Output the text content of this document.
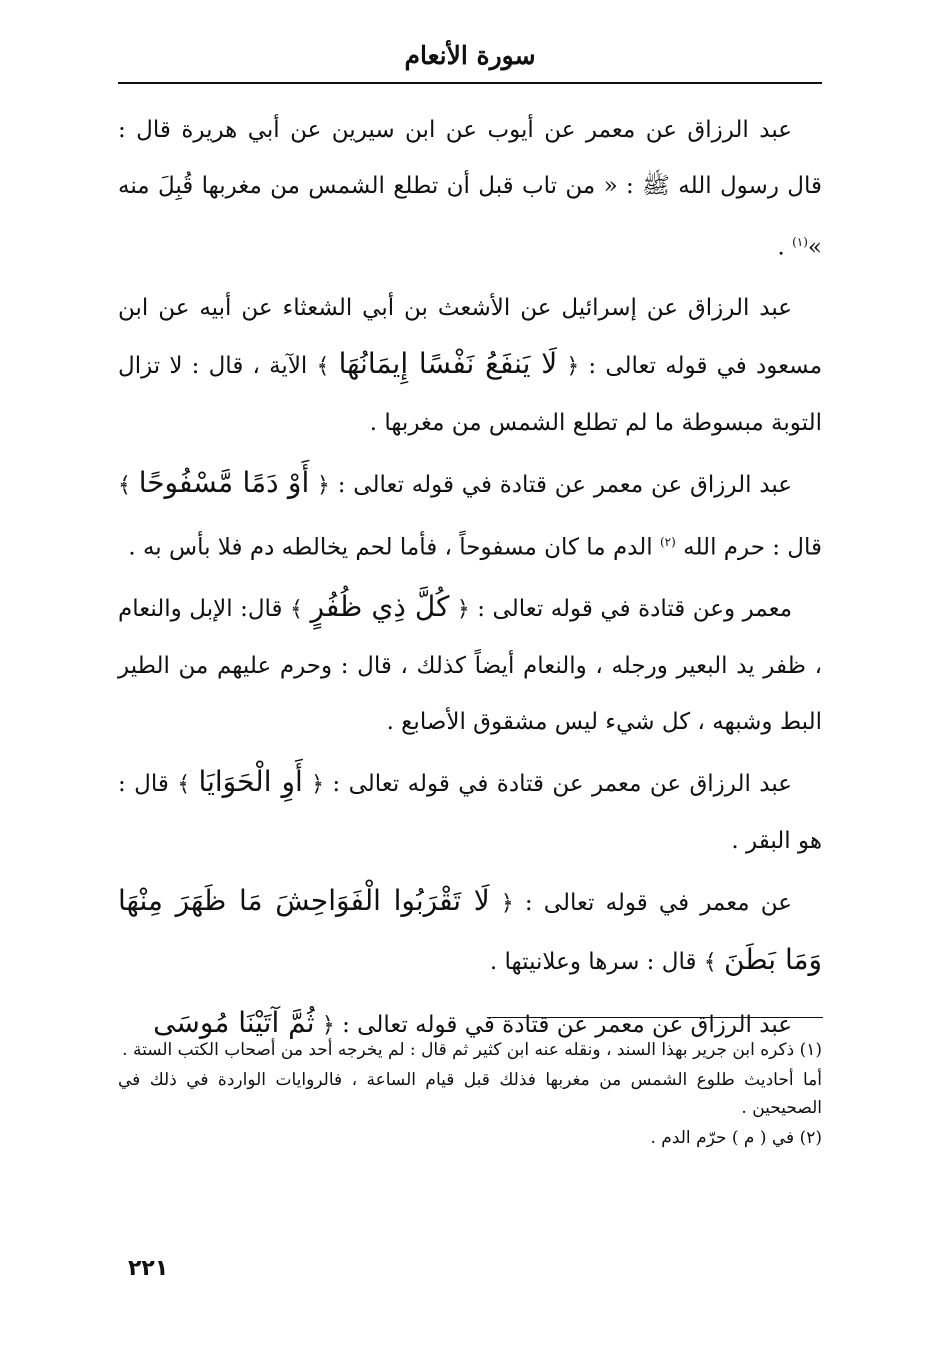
سورة الأنعام

عبد الرزاق عن معمر عن أيوب عن ابن سيرين عن أبي هريرة قال : قال رسول الله ﷺ : « من تاب قبل أن تطلع الشمس من مغربها قُبِلَ منه »$^{(١)}$ .

عبد الرزاق عن إسرائيل عن الأشعث بن أبي الشعثاء عن أبيه عن ابن مسعود في قوله تعالى : ﴿ لَا يَنفَعُ نَفْسًا إِيمَانُهَا ﴾ الآية ، قال : لا تزال التوبة مبسوطة ما لم تطلع الشمس من مغربها .

عبد الرزاق عن معمر عن قتادة في قوله تعالى : ﴿ أَوْ دَمًا مَّسْفُوحًا ﴾ قال : حرم الله $^{(٢)}$ الدم ما كان مسفوحاً ، فأما لحم يخالطه دم فلا بأس به .

معمر وعن قتادة في قوله تعالى : ﴿ كُلَّ ذِي ظُفُرٍ ﴾ قال: الإبل والنعام ، ظفر يد البعير ورجله ، والنعام أيضاً كذلك ، قال : وحرم عليهم من الطير البط وشبهه ، كل شيء ليس مشقوق الأصابع .

عبد الرزاق عن معمر عن قتادة في قوله تعالى : ﴿ أَوِ الْحَوَايَا ﴾ قال : هو البقر .

عن معمر في قوله تعالى : ﴿ لَا تَقْرَبُوا الْفَوَاحِشَ مَا ظَهَرَ مِنْهَا وَمَا بَطَنَ ﴾ قال : سرها وعلانيتها .

عبد الرزاق عن معمر عن قتادة في قوله تعالى : ﴿ ثُمَّ آتَيْنَا مُوسَى

(١) ذكره ابن جرير بهذا السند ، ونقله عنه ابن كثير ثم قال : لم يخرجه أحد من أصحاب الكتب الستة .

أما أحاديث طلوع الشمس من مغربها فذلك قبل قيام الساعة ، فالروايات الواردة في ذلك في الصحيحين .

(٢) في ( م ) حرّم الدم .

٢٢١
